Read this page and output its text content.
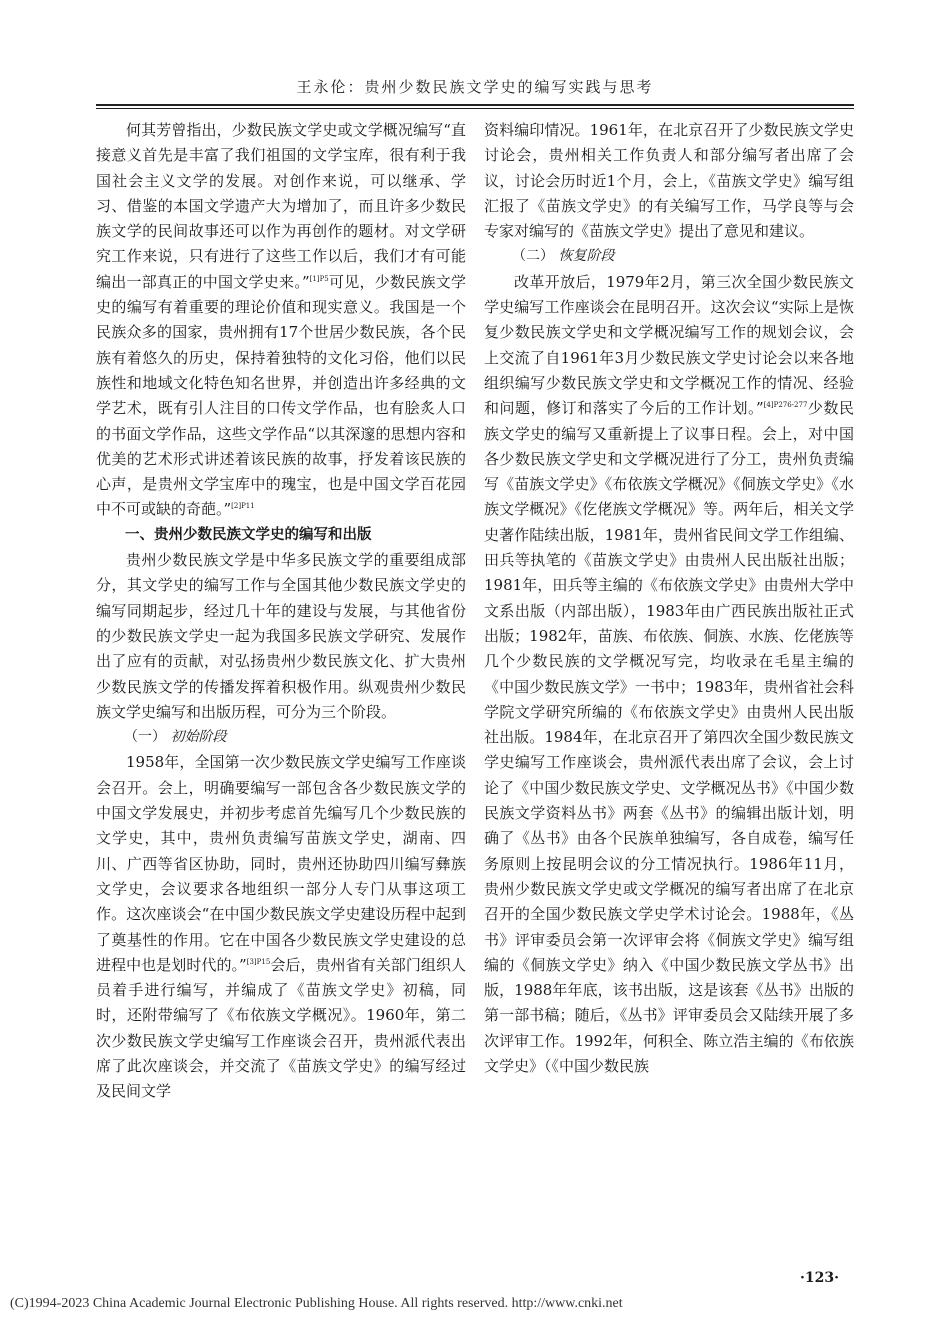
王永伦：贵州少数民族文学史的编写实践与思考

何其芳曾指出，少数民族文学史或文学概况编写“直接意义首先是丰富了我们祖国的文学宝库，很有利于我国社会主义文学的发展。对创作来说，可以继承、学习、借鉴的本国文学遗产大为增加了，而且许多少数民族文学的民间故事还可以作为再创作的题材。对文学研究工作来说，只有进行了这些工作以后，我们才有可能编出一部真正的中国文学史来。”$^{[1]P5}$可见，少数民族文学史的编写有着重要的理论价值和现实意义。我国是一个民族众多的国家，贵州拥有17个世居少数民族，各个民族有着悠久的历史，保持着独特的文化习俗，他们以民族性和地域文化特色知名世界，并创造出许多经典的文学艺术，既有引人注目的口传文学作品，也有脍炙人口的书面文学作品，这些文学作品“以其深邃的思想内容和优美的艺术形式讲述着该民族的故事，抒发着该民族的心声，是贵州文学宝库中的瑰宝，也是中国文学百花园中不可或缺的奇葩。”$^{[2]P11}$

一、贵州少数民族文学史的编写和出版

贵州少数民族文学是中华多民族文学的重要组成部分，其文学史的编写工作与全国其他少数民族文学史的编写同期起步，经过几十年的建设与发展，与其他省份的少数民族文学史一起为我国多民族文学研究、发展作出了应有的贡献，对弘扬贵州少数民族文化、扩大贵州少数民族文学的传播发挥着积极作用。纵观贵州少数民族文学史编写和出版历程，可分为三个阶段。

（一） 初始阶段

1958年，全国第一次少数民族文学史编写工作座谈会召开。会上，明确要编写一部包含各少数民族文学的中国文学发展史，并初步考虑首先编写几个少数民族的文学史，其中，贵州负责编写苗族文学史，湖南、四川、广西等省区协助，同时，贵州还协助四川编写彝族文学史，会议要求各地组织一部分人专门从事这项工作。这次座谈会“在中国少数民族文学史建设历程中起到了奠基性的作用。它在中国各少数民族文学史建设的总进程中也是划时代的。”$^{[3]P15}$会后，贵州省有关部门组织人员着手进行编写，并编成了《苗族文学史》初稿，同时，还附带编写了《布依族文学概况》。1960年，第二次少数民族文学史编写工作座谈会召开，贵州派代表出席了此次座谈会，并交流了《苗族文学史》的编写经过及民间文学

资料编印情况。1961年，在北京召开了少数民族文学史讨论会，贵州相关工作负责人和部分编写者出席了会议，讨论会历时近1个月，会上，《苗族文学史》编写组汇报了《苗族文学史》的有关编写工作，马学良等与会专家对编写的《苗族文学史》提出了意见和建议。

（二） 恢复阶段

改革开放后，1979年2月，第三次全国少数民族文学史编写工作座谈会在昆明召开。这次会议“实际上是恢复少数民族文学史和文学概况编写工作的规划会议，会上交流了自1961年3月少数民族文学史讨论会以来各地组织编写少数民族文学史和文学概况工作的情况、经验和问题，修订和落实了今后的工作计划。”$^{[4]P276-277}$少数民族文学史的编写又重新提上了议事日程。会上，对中国各少数民族文学史和文学概况进行了分工，贵州负责编写《苗族文学史》《布依族文学概况》《侗族文学史》《水族文学概况》《仡佬族文学概况》等。两年后，相关文学史著作陆续出版，1981年，贵州省民间文学工作组编、田兵等执笔的《苗族文学史》由贵州人民出版社出版；1981年，田兵等主编的《布依族文学史》由贵州大学中文系出版（内部出版），1983年由广西民族出版社正式出版；1982年，苗族、布依族、侗族、水族、仡佬族等几个少数民族的文学概况写完，均收录在毛星主编的《中国少数民族文学》一书中；1983年，贵州省社会科学院文学研究所编的《布依族文学史》由贵州人民出版社出版。1984年，在北京召开了第四次全国少数民族文学史编写工作座谈会，贵州派代表出席了会议，会上讨论了《中国少数民族文学史、文学概况丛书》《中国少数民族文学资料丛书》两套《丛书》的编辑出版计划，明确了《丛书》由各个民族单独编写，各自成卷，编写任务原则上按昆明会议的分工情况执行。1986年11月，贵州少数民族文学史或文学概况的编写者出席了在北京召开的全国少数民族文学史学术讨论会。1988年，《丛书》评审委员会第一次评审会将《侗族文学史》编写组编的《侗族文学史》纳入《中国少数民族文学丛书》出版，1988年年底，该书出版，这是该套《丛书》出版的第一部书稿；随后，《丛书》评审委员会又陆续开展了多次评审工作。1992年，何积全、陈立浩主编的《布依族文学史》（《中国少数民族

·123·
(C)1994-2023 China Academic Journal Electronic Publishing House. All rights reserved. http://www.cnki.net
